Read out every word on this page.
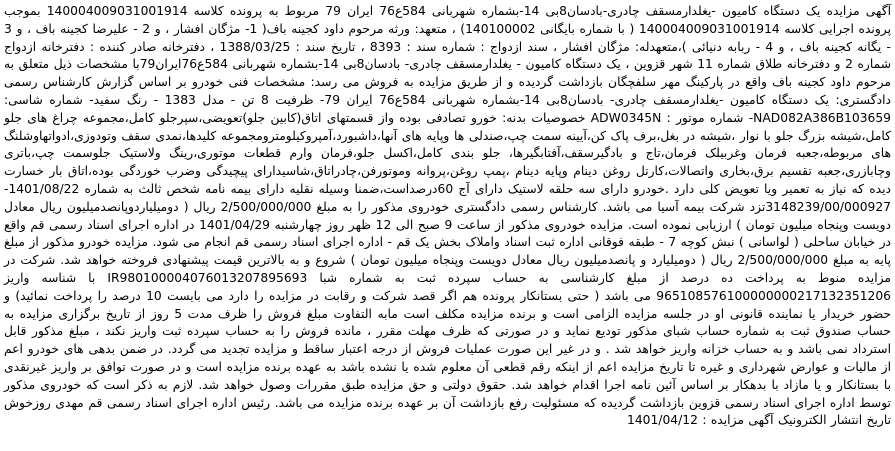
آگهی مزایده یک دستگاه کامیون -یغلدارمسقف چادری-بادسان8بی 14-بشماره شهربانی 584ع76 ایران 79 مربوط به پرونده کلاسه 140004009031001914 بموجب پرونده اجرایی کلاسه 140004009031001914 ( با شماره بایگانی 140100002) ، متعهد: ورثه مرحوم داود کجینه باف( 1- مژگان افشار ، و 2 - علیرضا کجینه باف ، و 3 - یگانه کجینه باف ، و 4 - ربابه دنیائی )،متعهدله: مژگان افشار ، سند ازدواج : شماره سند : 8393 ، تاریخ سند : 1388/03/25 ، دفترخانه صادر کننده : دفترخانه ازدواج شماره 2 و دفترخانه طلاق شماره 11 شهر قزوین ، یک دستگاه کامیون - یغلدارمسقف چادری- بادسان8بی 14-بشماره شهربانی 584ع76ایران79با مشخصات ذیل متعلق به مرحوم داود کجینه باف واقع در پارکینگ مهر سلفچگان بازداشت گردیده و از طریق مزایده به فروش می رسد: مشخصات فنی خودرو بر اساس گزارش کارشناس رسمی دادگستری: یک دستگاه کامیون -یغلدارمسقف چادری- بادسان8بی 14-بشماره شهربانی 584ع76 ایران 79- ظرفیت 8 تن - مدل 1383 - رنگ سفید- شماره شاسی: NAD082A386B103659- شماره موتور : ADW0345N خصوصیات بدنه: خورو تصادفی بوده واز قسمتهای اتاق(کابین جلو)تعویضی،سپرجلو کامل،مجموعه چراغ های جلو کامل،شیشه بزرگ جلو با نوار ،شیشه در بغل،برف پاک کن،آیینه سمت چپ،صندلی ها وپایه های آنها،داشبورد،آمپروکیلومترومجموعه کلیدها،نمدی سقف وتودوزی،ادواتهاوشلنگ های مربوطه،جعبه فرمان وغربیلک فرمان،تاج و بادگیرسقف،آفتابگیرها، جلو بندی کامل،اکسل جلو،فرمان وارم قطعات موتوری،رینگ ولاستیک جلوسمت چپ،باتری وچابازری،جعبه تقسیم برق،بخاری واتصالات،کارتل روغن دینام وپایه دینام ،پمپ روغن،پروانه وموتورفن،چادراتاق،شاسیدارای پیچیدگی وضرب خوردگی بوده،اتاق بار خسارت دیده که نیاز به تعمیر ویا تعویض کلی دارد .خودرو دارای سه حلقه لاستیک دارای آج 60درصداست،ضمنا وسیله نقلیه دارای بیمه نامه شخص ثالث به شماره 1401/08/22-3148239/00/000927تزد شرکت بیمه آسیا می باشد. کارشناس رسمی دادگستری خودروی مذکور را به مبلغ 2/500/000/000 ریال ( دومیلیاردوپانصدمیلیون ریال معادل دویست وپنجاه میلیون تومان ) ارزیابی نموده است. مزایده خودروی مذکور از ساعت 9 صبح الی 12 ظهر روز چهارشنبه 1401/04/29 در اداره اجرای اسناد رسمی قم واقع در خیابان ساحلی ( لواسانی ) نبش کوچه 7 - طبقه فوقانی اداره ثبت اسناد واملاک بخش یک قم - اداره اجرای اسناد رسمی قم انجام می شود. مزایده خودرو مذکور از مبلغ پایه به مبلغ 2/500/000/000 ریال ( دومیلیارد و پانصدمیلیون ریال معادل دویست وپنجاه میلیون تومان ) شروع و به بالاترین قیمت پیشنهادی فروخته خواهد شد. شرکت در مزایده منوط به پرداخت ده درصد از مبلغ کارشناسی به حساب سپرده ثبت به شماره شبا IR980100004076013207895693 با شناسه واریز 965108576100000000217132351206 می باشد ( حتی بستانکار پرونده هم اگر قصد شرکت و رقابت در مزایده را دارد می بایست 10 درصد را پرداخت نمائید) و حضور خریدار یا نماینده قانونی او در جلسه مزایده الزامی است و برنده مزایده مکلف است مابه التفاوت مبلغ فروش را ظرف مدت 5 روز از تاریخ برگزاری مزایده به حساب صندوق ثبت به شماره حساب شبای مذکور تودیع نماید و در صورتی که ظرف مهلت مقرر ، مانده فروش را به حساب سپرده ثبت واریز نکند ، مبلغ مذکور قابل استرداد نمی باشد و به حساب خزانه واریز خواهد شد . و در غیر این صورت عملیات فروش از درجه اعتبار ساقط و مزایده تجدید می گردد. در ضمن بدهی های خودرو اعم از مالیات و عوارض شهرداری و غیره تا تاریخ مزایده اعم از اینکه رقم قطعی آن معلوم شده یا نشده باشد به عهده برنده مزایده است و در صورت توافق بر واریز غیرنقدی با بستانکار و یا مازاد با بدهکار بر اساس آئین نامه اجرا اقدام خواهد شد. حقوق دولتی و حق مزایده طبق مقررات وصول خواهد شد. لازم به ذکر است که خودروی مذکور توسط اداره اجرای اسناد رسمی قزوین بازداشت گردیده که مسئولیت رفع بازداشت آن بر عهده برنده مزایده می باشد. رئیس اداره اجرای اسناد رسمی قم مهدی روزخوش تاریخ انتشار الکترونیک آگهی مزایده : 1401/04/12
